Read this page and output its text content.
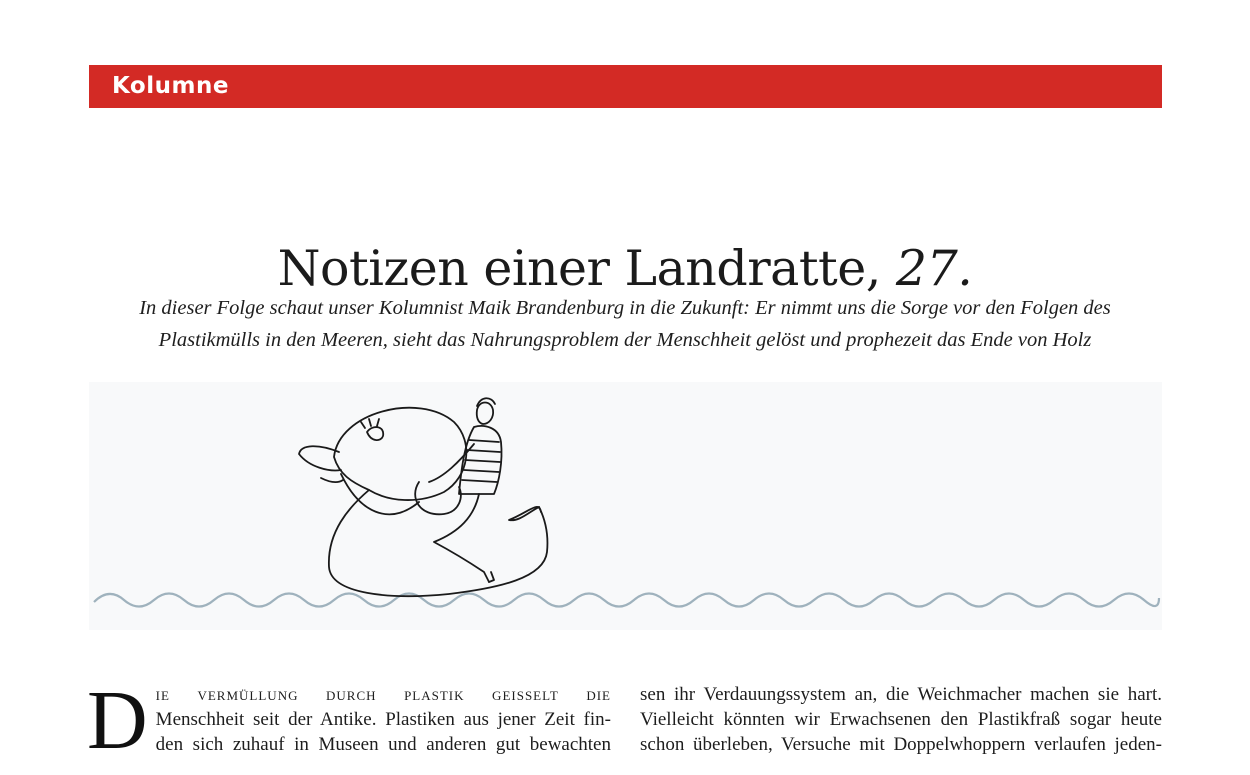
Kolumne
Notizen einer Landratte, 27.
In dieser Folge schaut unser Kolumnist Maik Brandenburg in die Zukunft: Er nimmt uns die Sorge vor den Folgen des
Plastikmülls in den Meeren, sieht das Nahrungsproblem der Menschheit gelöst und prophezeit das Ende von Holz
D ie vermüllung durch plastik geisselt die
Menschheit seit der Antike. Plastiken aus jener Zeit fin-
den sich zuhauf in Museen und anderen gut bewachten
sen ihr Verdauungssystem an, die Weichmacher machen sie hart.
Vielleicht könnten wir Erwachsenen den Plastikfraß sogar heute
schon überleben, Versuche mit Doppelwhoppern verlaufen jeden-
